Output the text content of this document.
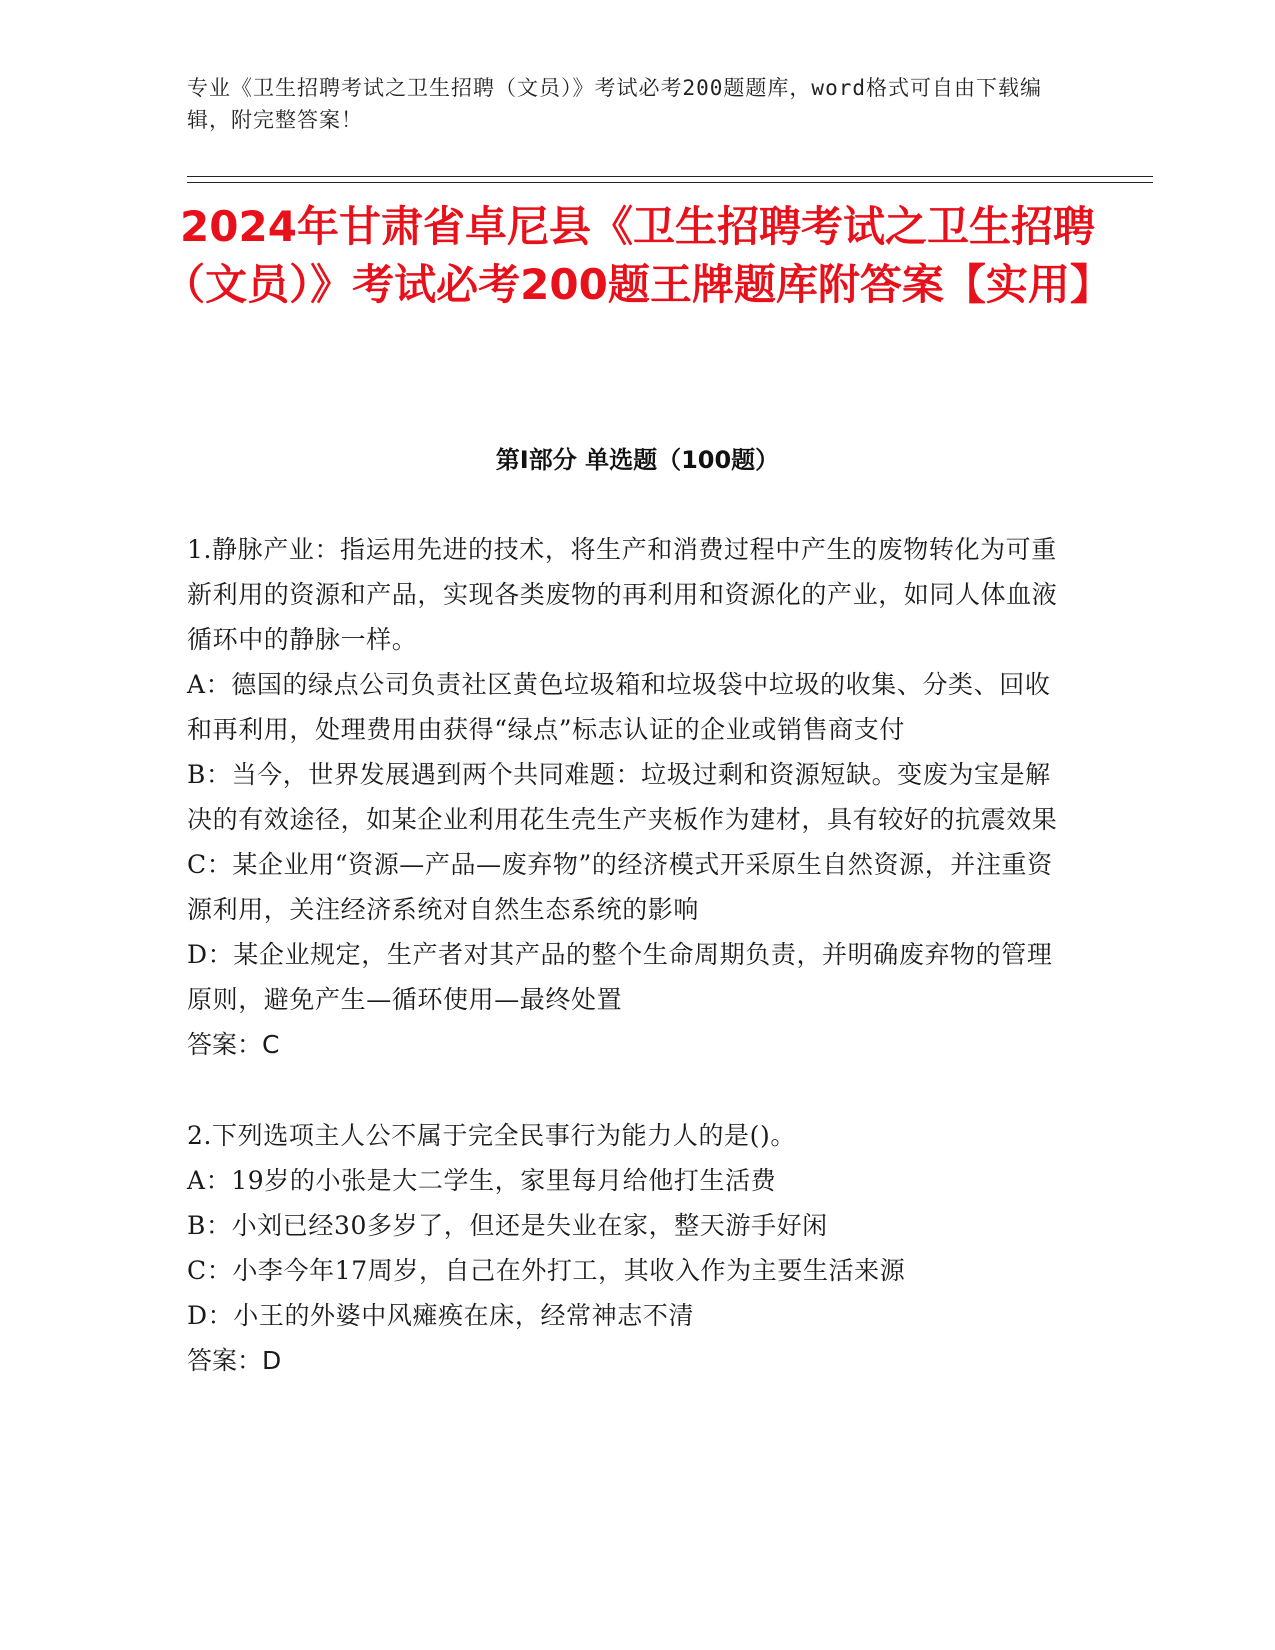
专业《卫生招聘考试之卫生招聘（文员）》考试必考200题题库，word格式可自由下载编辑，附完整答案！
2024年甘肃省卓尼县《卫生招聘考试之卫生招聘（文员）》考试必考200题王牌题库附答案【实用】
第Ⅰ部分 单选题（100题）

1.静脉产业：指运用先进的技术，将生产和消费过程中产生的废物转化为可重新利用的资源和产品，实现各类废物的再利用和资源化的产业，如同人体血液循环中的静脉一样。

A：德国的绿点公司负责社区黄色垃圾箱和垃圾袋中垃圾的收集、分类、回收和再利用，处理费用由获得“绿点”标志认证的企业或销售商支付

B：当今，世界发展遇到两个共同难题：垃圾过剩和资源短缺。变废为宝是解决的有效途径，如某企业利用花生壳生产夹板作为建材，具有较好的抗震效果

C：某企业用“资源—产品—废弃物”的经济模式开采原生自然资源，并注重资源利用，关注经济系统对自然生态系统的影响

D：某企业规定，生产者对其产品的整个生命周期负责，并明确废弃物的管理原则，避免产生—循环使用—最终处置

答案：C

2.下列选项主人公不属于完全民事行为能力人的是()。

A：19岁的小张是大二学生，家里每月给他打生活费

B：小刘已经30多岁了，但还是失业在家，整天游手好闲

C：小李今年17周岁，自己在外打工，其收入作为主要生活来源

D：小王的外婆中风瘫痪在床，经常神志不清

答案：D
